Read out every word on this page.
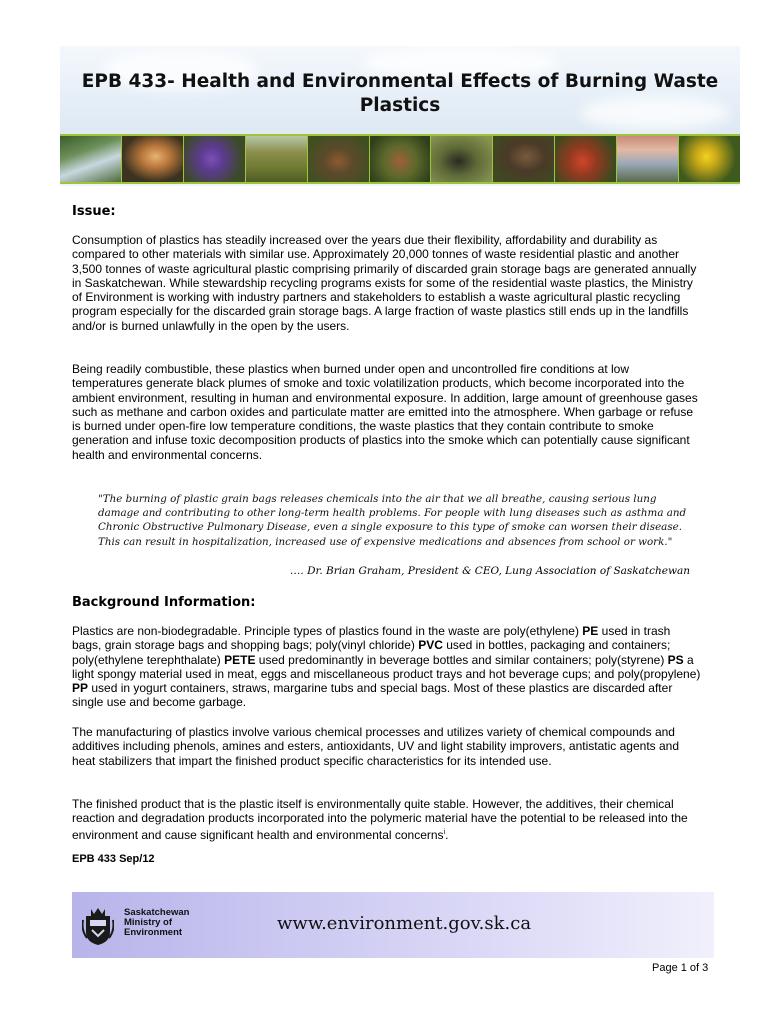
EPB 433- Health and Environmental Effects of Burning Waste Plastics
Issue:
Consumption of plastics has steadily increased over the years due their flexibility, affordability and durability as compared to other materials with similar use. Approximately 20,000 tonnes of waste residential plastic and another 3,500 tonnes of waste agricultural plastic comprising primarily of discarded grain storage bags are generated annually in Saskatchewan. While stewardship recycling programs exists for some of the residential waste plastics, the Ministry of Environment is working with industry partners and stakeholders to establish a waste agricultural plastic recycling program especially for the discarded grain storage bags. A large fraction of waste plastics still ends up in the landfills and/or is burned unlawfully in the open by the users.
Being readily combustible, these plastics when burned under open and uncontrolled fire conditions at low temperatures generate black plumes of smoke and toxic volatilization products, which become incorporated into the ambient environment, resulting in human and environmental exposure. In addition, large amount of greenhouse gases such as methane and carbon oxides and particulate matter are emitted into the atmosphere. When garbage or refuse is burned under open-fire low temperature conditions, the waste plastics that they contain contribute to smoke generation and infuse toxic decomposition products of plastics into the smoke which can potentially cause significant health and environmental concerns.
"The burning of plastic grain bags releases chemicals into the air that we all breathe, causing serious lung damage and contributing to other long-term health problems. For people with lung diseases such as asthma and Chronic Obstructive Pulmonary Disease, even a single exposure to this type of smoke can worsen their disease. This can result in hospitalization, increased use of expensive medications and absences from school or work."
…. Dr. Brian Graham, President & CEO, Lung Association of Saskatchewan
Background Information:
Plastics are non-biodegradable. Principle types of plastics found in the waste are poly(ethylene) PE used in trash bags, grain storage bags and shopping bags; poly(vinyl chloride) PVC used in bottles, packaging and containers; poly(ethylene terephthalate) PETE used predominantly in beverage bottles and similar containers; poly(styrene) PS a light spongy material used in meat, eggs and miscellaneous product trays and hot beverage cups; and poly(propylene) PP used in yogurt containers, straws, margarine tubs and special bags. Most of these plastics are discarded after single use and become garbage.
The manufacturing of plastics involve various chemical processes and utilizes variety of chemical compounds and additives including phenols, amines and esters, antioxidants, UV and light stability improvers, antistatic agents and heat stabilizers that impart the finished product specific characteristics for its intended use.
The finished product that is the plastic itself is environmentally quite stable. However, the additives, their chemical reaction and degradation products incorporated into the polymeric material have the potential to be released into the environment and cause significant health and environmental concerns$^i$.
EPB 433 Sep/12
Saskatchewan
Ministry of
Environment	www.environment.gov.sk.ca
Page 1 of 3
